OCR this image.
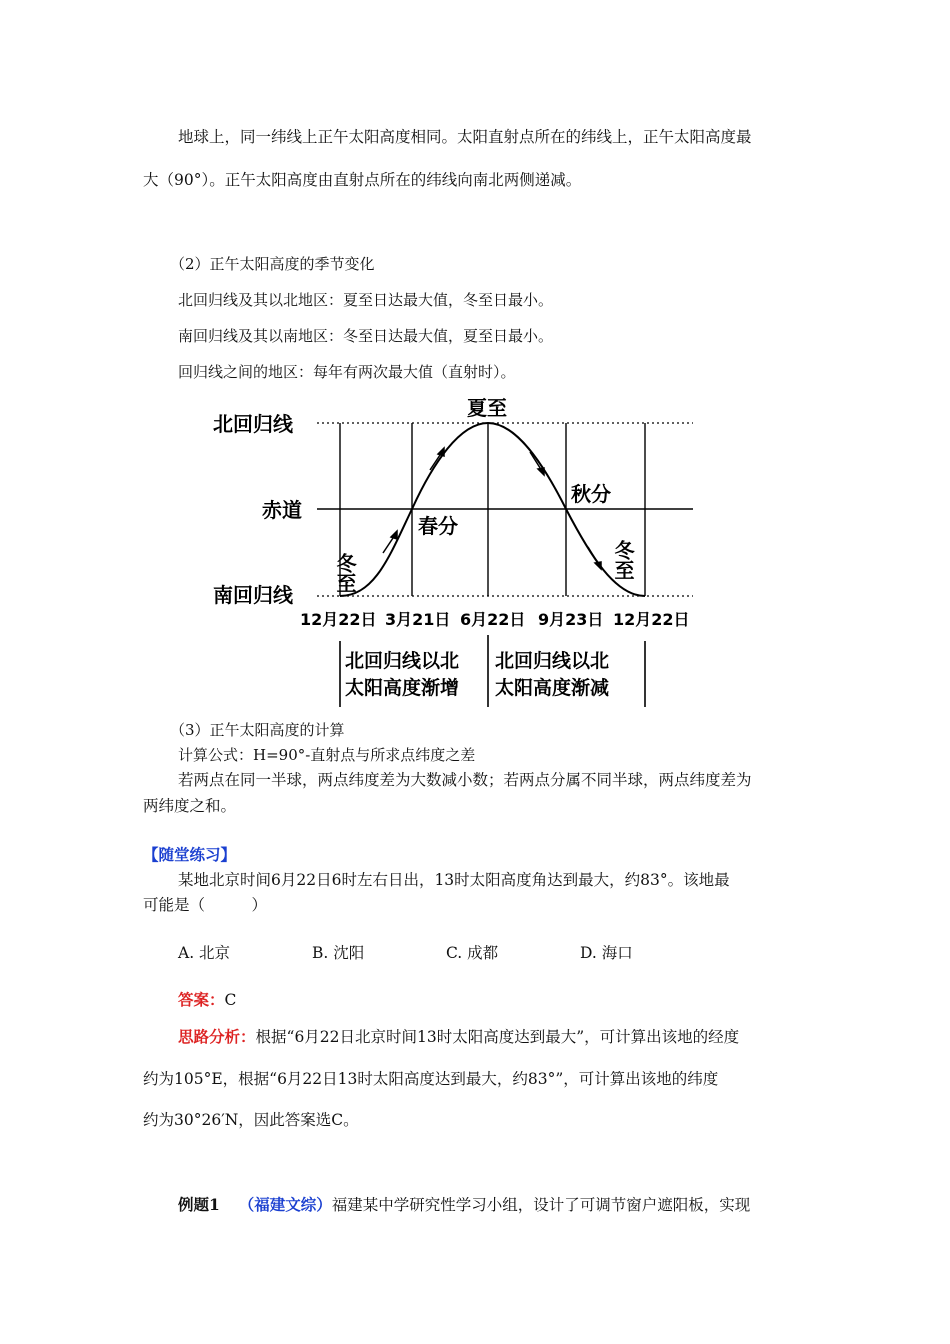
地球上，同一纬线上正午太阳高度相同。太阳直射点所在的纬线上，正午太阳高度最
大（90°）。正午太阳高度由直射点所在的纬线向南北两侧递减。
（2）正午太阳高度的季节变化
北回归线及其以北地区：夏至日达最大值，冬至日最小。
南回归线及其以南地区：冬至日达最大值，夏至日最小。
回归线之间的地区：每年有两次最大值（直射时）。
北回归线
赤道
南回归线
夏至
春分
秋分
冬至	冬至
12月22日 3月21日 6月22日 9月23日 12月22日
北回归线以北
太阳高度渐增
北回归线以北
太阳高度渐减
（3）正午太阳高度的计算
计算公式：H=90°-直射点与所求点纬度之差
若两点在同一半球，两点纬度差为大数减小数；若两点分属不同半球，两点纬度差为
两纬度之和。
【随堂练习】
某地北京时间6月22日6时左右日出，13时太阳高度角达到最大，约83°。该地最
可能是（　　　）
A. 北京	B. 沈阳	C. 成都	D. 海口
答案：C
思路分析：根据“6月22日北京时间13时太阳高度达到最大”，可计算出该地的经度
约为105°E，根据“6月22日13时太阳高度达到最大，约83°”，可计算出该地的纬度
约为30°26′N，因此答案选C。
例题1 （福建文综）福建某中学研究性学习小组，设计了可调节窗户遮阳板，实现
